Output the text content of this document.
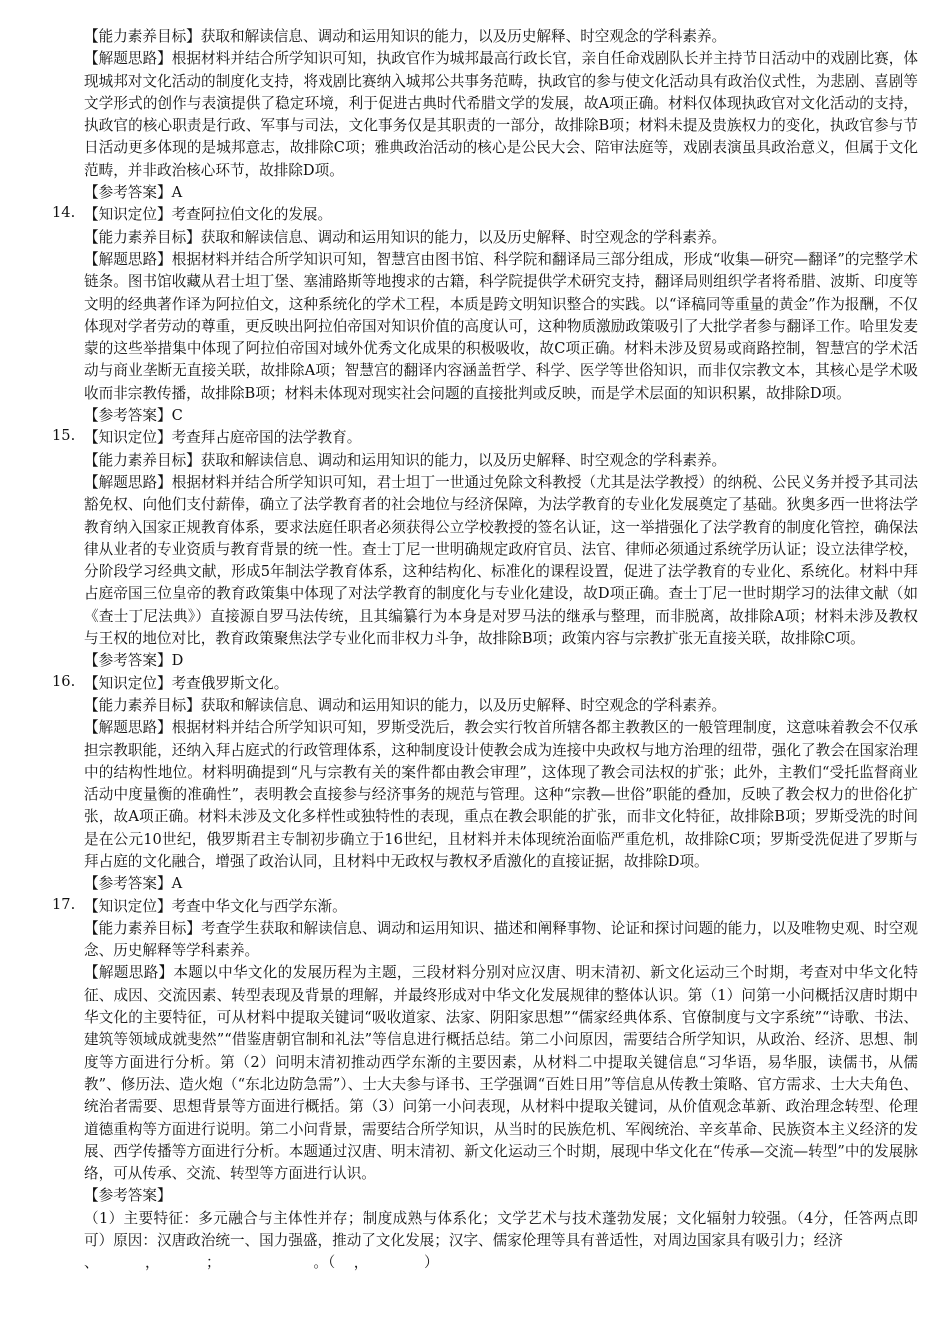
【能力素养目标】获取和解读信息、调动和运用知识的能力，以及历史解释、时空观念的学科素养。

【解题思路】根据材料并结合所学知识可知，执政官作为城邦最高行政长官，亲自任命戏剧队长并主持节日活动中的戏剧比赛，体现城邦对文化活动的制度化支持，将戏剧比赛纳入城邦公共事务范畴，执政官的参与使文化活动具有政治仪式性，为悲剧、喜剧等文学形式的创作与表演提供了稳定环境，利于促进古典时代希腊文学的发展，故A项正确。材料仅体现执政官对文化活动的支持，执政官的核心职责是行政、军事与司法，文化事务仅是其职责的一部分，故排除B项；材料未提及贵族权力的变化，执政官参与节日活动更多体现的是城邦意志，故排除C项；雅典政治活动的核心是公民大会、陪审法庭等，戏剧表演虽具政治意义，但属于文化范畴，并非政治核心环节，故排除D项。

【参考答案】A

14. 【知识定位】考查阿拉伯文化的发展。

【能力素养目标】获取和解读信息、调动和运用知识的能力，以及历史解释、时空观念的学科素养。

【解题思路】根据材料并结合所学知识可知，智慧宫由图书馆、科学院和翻译局三部分组成，形成“收集—研究—翻译”的完整学术链条。图书馆收藏从君士坦丁堡、塞浦路斯等地搜求的古籍，科学院提供学术研究支持，翻译局则组织学者将希腊、波斯、印度等文明的经典著作译为阿拉伯文，这种系统化的学术工程，本质是跨文明知识整合的实践。以“译稿同等重量的黄金”作为报酬，不仅体现对学者劳动的尊重，更反映出阿拉伯帝国对知识价值的高度认可，这种物质激励政策吸引了大批学者参与翻译工作。哈里发麦蒙的这些举措集中体现了阿拉伯帝国对域外优秀文化成果的积极吸收，故C项正确。材料未涉及贸易或商路控制，智慧宫的学术活动与商业垄断无直接关联，故排除A项；智慧宫的翻译内容涵盖哲学、科学、医学等世俗知识，而非仅宗教文本，其核心是学术吸收而非宗教传播，故排除B项；材料未体现对现实社会问题的直接批判或反映，而是学术层面的知识积累，故排除D项。

【参考答案】C

15. 【知识定位】考查拜占庭帝国的法学教育。

【能力素养目标】获取和解读信息、调动和运用知识的能力，以及历史解释、时空观念的学科素养。

【解题思路】根据材料并结合所学知识可知，君士坦丁一世通过免除文科教授（尤其是法学教授）的纳税、公民义务并授予其司法豁免权、向他们支付薪俸，确立了法学教育者的社会地位与经济保障，为法学教育的专业化发展奠定了基础。狄奥多西一世将法学教育纳入国家正规教育体系，要求法庭任职者必须获得公立学校教授的签名认证，这一举措强化了法学教育的制度化管控，确保法律从业者的专业资质与教育背景的统一性。查士丁尼一世明确规定政府官员、法官、律师必须通过系统学历认证；设立法律学校，分阶段学习经典文献，形成5年制法学教育体系，这种结构化、标准化的课程设置，促进了法学教育的专业化、系统化。材料中拜占庭帝国三位皇帝的教育政策集中体现了对法学教育的制度化与专业化建设，故D项正确。查士丁尼一世时期学习的法律文献（如《查士丁尼法典》）直接源自罗马法传统，且其编纂行为本身是对罗马法的继承与整理，而非脱离，故排除A项；材料未涉及教权与王权的地位对比，教育政策聚焦法学专业化而非权力斗争，故排除B项；政策内容与宗教扩张无直接关联，故排除C项。

【参考答案】D

16. 【知识定位】考查俄罗斯文化。

【能力素养目标】获取和解读信息、调动和运用知识的能力，以及历史解释、时空观念的学科素养。

【解题思路】根据材料并结合所学知识可知，罗斯受洗后，教会实行牧首所辖各都主教教区的一般管理制度，这意味着教会不仅承担宗教职能，还纳入拜占庭式的行政管理体系，这种制度设计使教会成为连接中央政权与地方治理的纽带，强化了教会在国家治理中的结构性地位。材料明确提到“凡与宗教有关的案件都由教会审理”，这体现了教会司法权的扩张；此外，主教们“受托监督商业活动中度量衡的准确性”，表明教会直接参与经济事务的规范与管理。这种“宗教—世俗”职能的叠加，反映了教会权力的世俗化扩张，故A项正确。材料未涉及文化多样性或独特性的表现，重点在教会职能的扩张，而非文化特征，故排除B项；罗斯受洗的时间是在公元10世纪，俄罗斯君主专制初步确立于16世纪，且材料并未体现统治面临严重危机，故排除C项；罗斯受洗促进了罗斯与拜占庭的文化融合，增强了政治认同，且材料中无政权与教权矛盾激化的直接证据，故排除D项。

【参考答案】A

17. 【知识定位】考查中华文化与西学东渐。

【能力素养目标】考查学生获取和解读信息、调动和运用知识、描述和阐释事物、论证和探讨问题的能力，以及唯物史观、时空观念、历史解释等学科素养。

【解题思路】本题以中华文化的发展历程为主题，三段材料分别对应汉唐、明末清初、新文化运动三个时期，考查对中华文化特征、成因、交流因素、转型表现及背景的理解，并最终形成对中华文化发展规律的整体认识。第（1）问第一小问概括汉唐时期中华文化的主要特征，可从材料中提取关键词“吸收道家、法家、阴阳家思想”“儒家经典体系、官僚制度与文字系统”“诗歌、书法、建筑等领域成就斐然”“借鉴唐朝官制和礼法”等信息进行概括总结。第二小问原因，需要结合所学知识，从政治、经济、思想、制度等方面进行分析。第（2）问明末清初推动西学东渐的主要因素，从材料二中提取关键信息“习华语，易华服，读儒书，从儒教”、修历法、造火炮（“东北边防急需”）、士大夫参与译书、王学强调“百姓日用”等信息从传教士策略、官方需求、士大夫角色、统治者需要、思想背景等方面进行概括。第（3）问第一小问表现，从材料中提取关键词，从价值观念革新、政治理念转型、伦理道德重构等方面进行说明。第二小问背景，需要结合所学知识，从当时的民族危机、军阀统治、辛亥革命、民族资本主义经济的发展、西学传播等方面进行分析。本题通过汉唐、明末清初、新文化运动三个时期，展现中华文化在“传承—交流—转型”中的发展脉络，可从传承、交流、转型等方面进行认识。

【参考答案】

（1）主要特征：多元融合与主体性并存；制度成熟与体系化；文学艺术与技术蓬勃发展；文化辐射力较强。（4分，任答两点即可）原因：汉唐政治统一、国力强盛，推动了文化发展；汉字、儒家伦理等具有普适性，对周边国家具有吸引力；经济

、          ，          ；                    。（    ，            ）
